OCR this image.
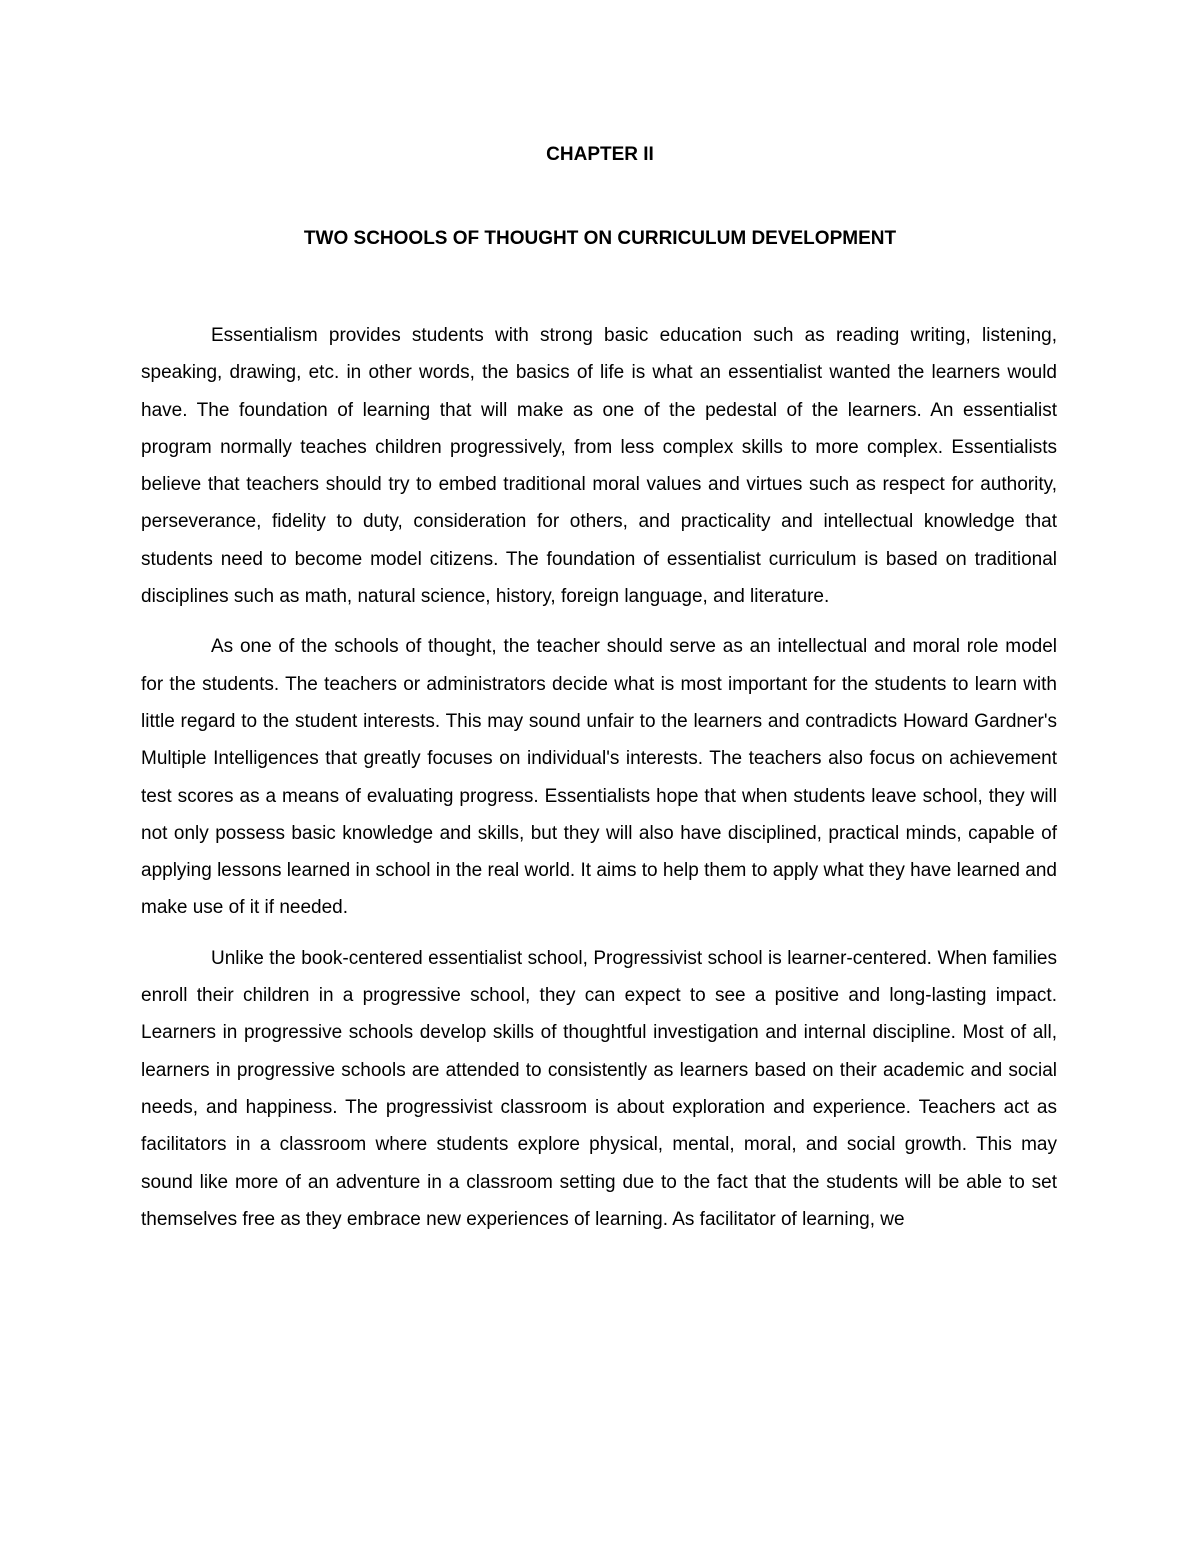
CHAPTER II
TWO SCHOOLS OF THOUGHT ON CURRICULUM DEVELOPMENT

Essentialism provides students with strong basic education such as reading writing, listening, speaking, drawing, etc. in other words, the basics of life is what an essentialist wanted the learners would have. The foundation of learning that will make as one of the pedestal of the learners. An essentialist program normally teaches children progressively, from less complex skills to more complex. Essentialists believe that teachers should try to embed traditional moral values and virtues such as respect for authority, perseverance, fidelity to duty, consideration for others, and practicality and intellectual knowledge that students need to become model citizens. The foundation of essentialist curriculum is based on traditional disciplines such as math, natural science, history, foreign language, and literature.

As one of the schools of thought, the teacher should serve as an intellectual and moral role model for the students. The teachers or administrators decide what is most important for the students to learn with little regard to the student interests. This may sound unfair to the learners and contradicts Howard Gardner's Multiple Intelligences that greatly focuses on individual's interests. The teachers also focus on achievement test scores as a means of evaluating progress. Essentialists hope that when students leave school, they will not only possess basic knowledge and skills, but they will also have disciplined, practical minds, capable of applying lessons learned in school in the real world. It aims to help them to apply what they have learned and make use of it if needed.

Unlike the book-centered essentialist school, Progressivist school is learner-centered. When families enroll their children in a progressive school, they can expect to see a positive and long-lasting impact. Learners in progressive schools develop skills of thoughtful investigation and internal discipline. Most of all, learners in progressive schools are attended to consistently as learners based on their academic and social needs, and happiness. The progressivist classroom is about exploration and experience. Teachers act as facilitators in a classroom where students explore physical, mental, moral, and social growth. This may sound like more of an adventure in a classroom setting due to the fact that the students will be able to set themselves free as they embrace new experiences of learning. As facilitator of learning, we
